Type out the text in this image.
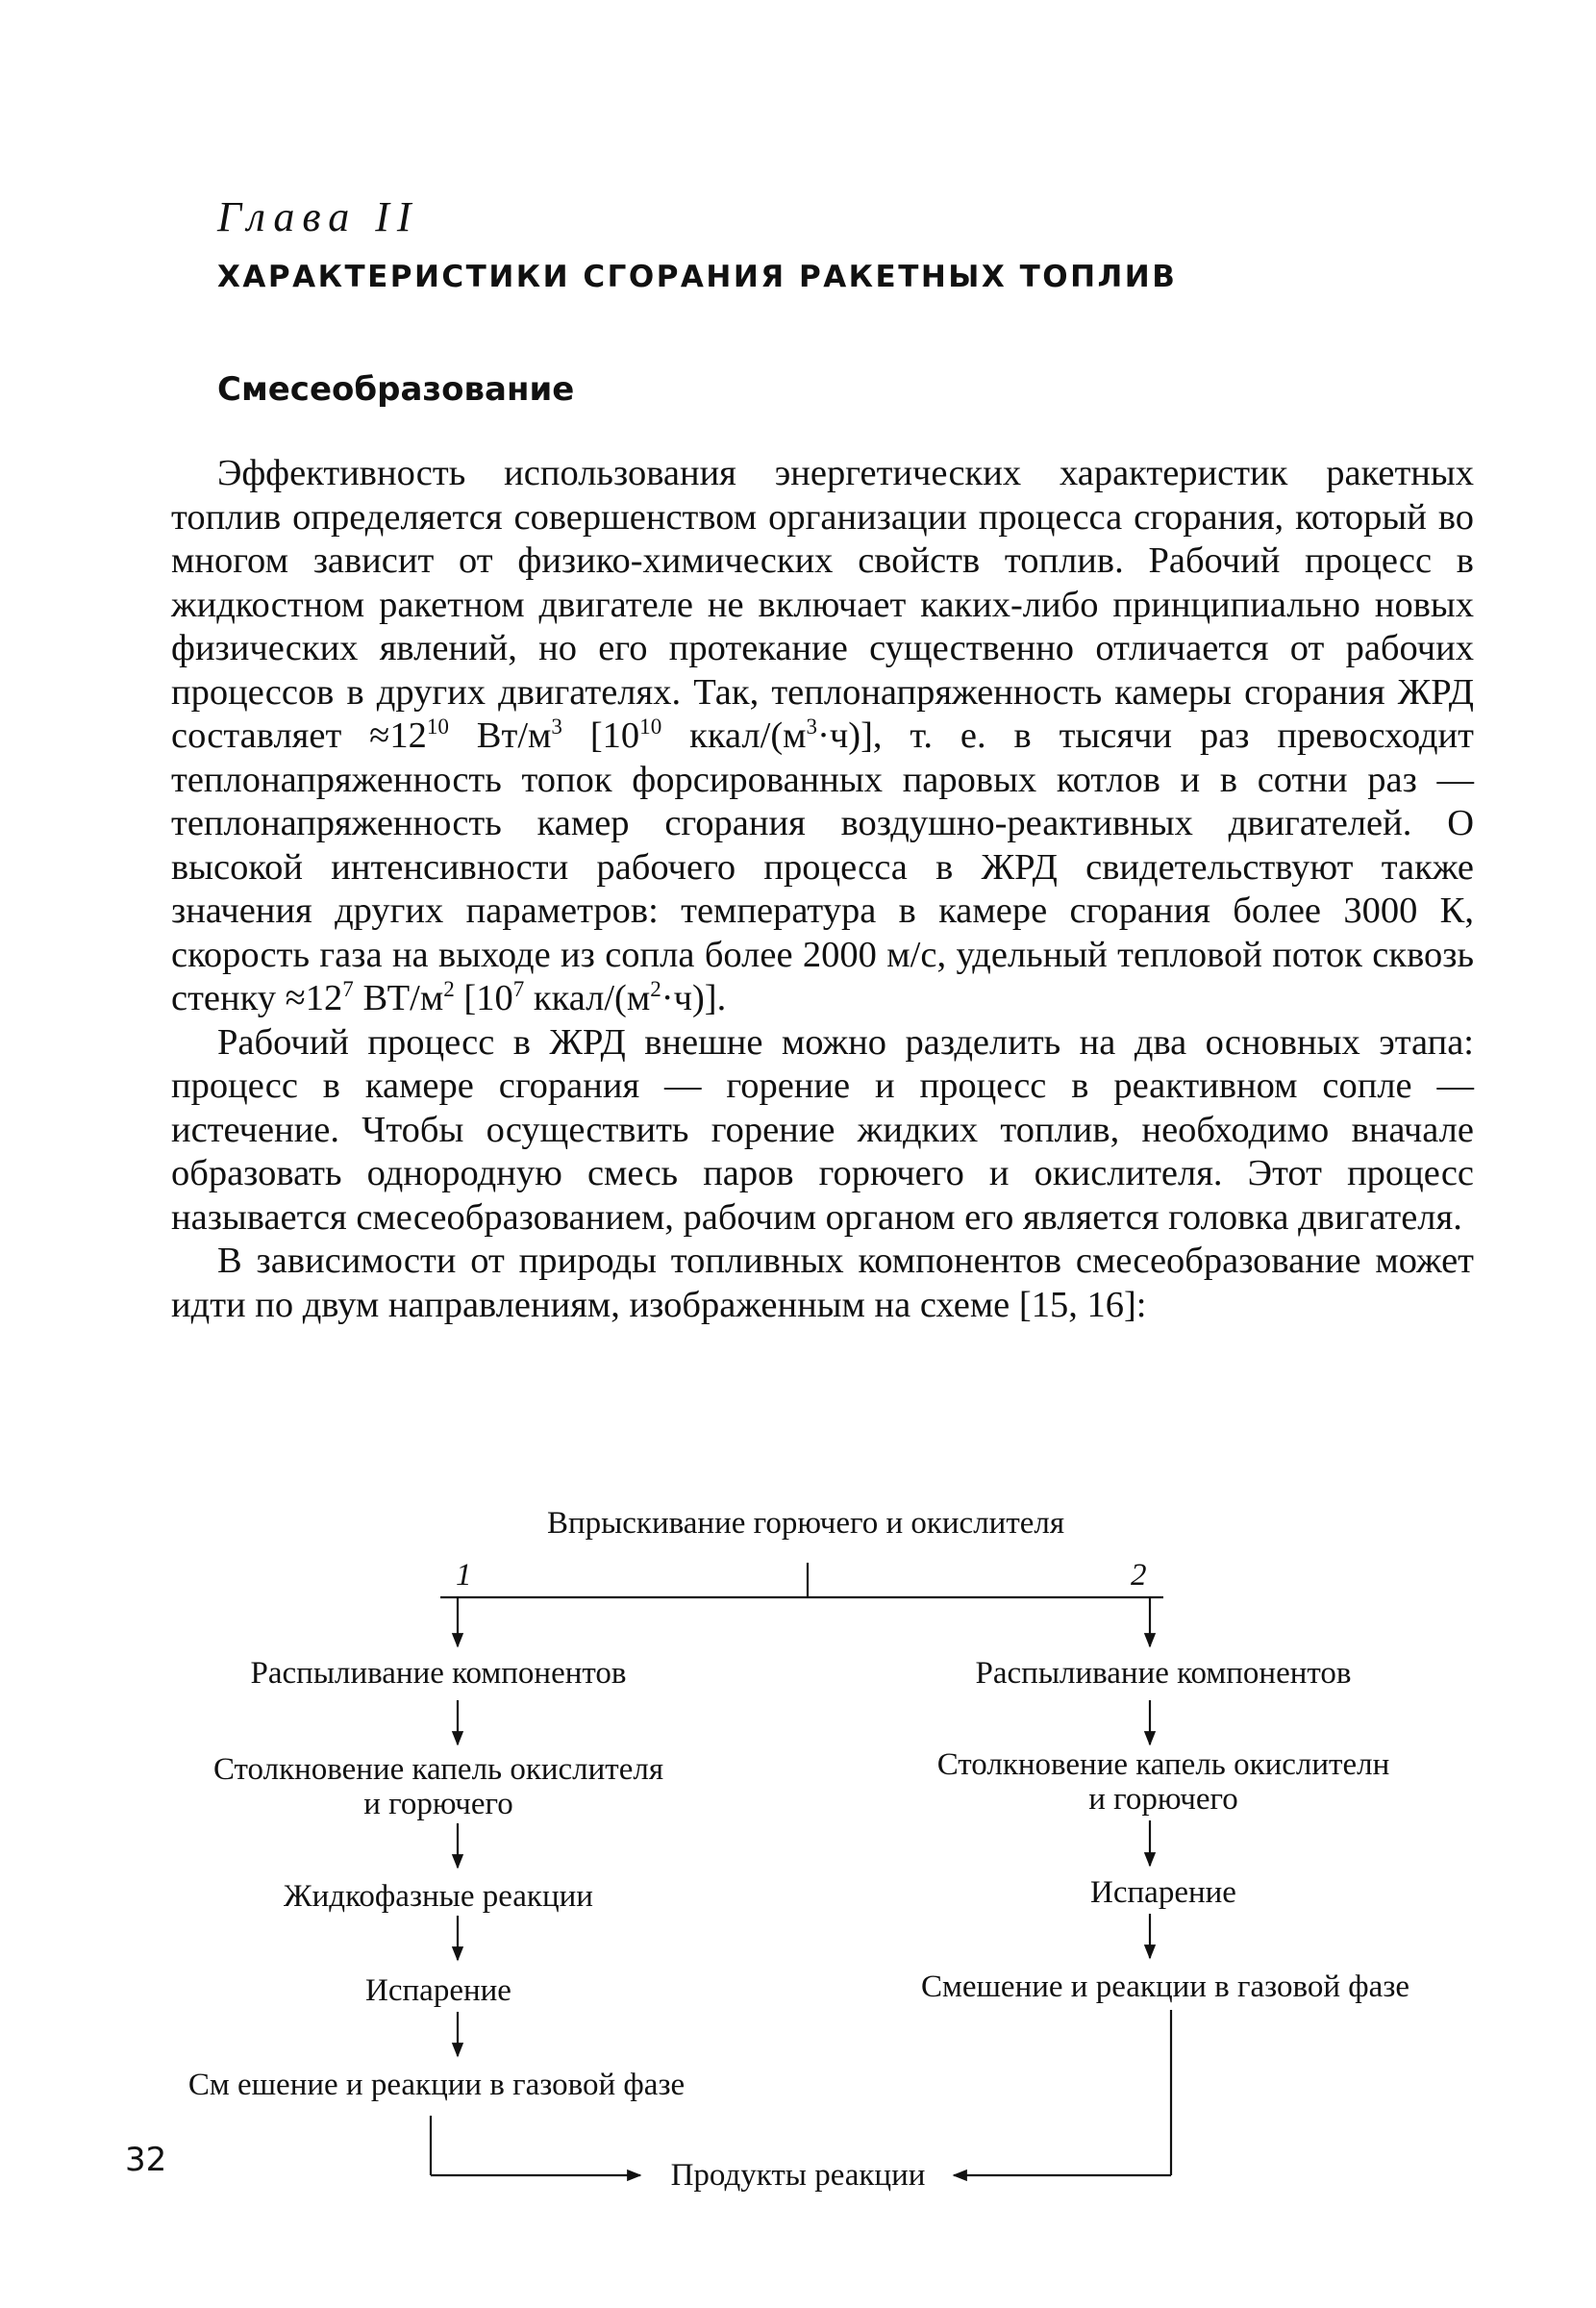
Глава II
ХАРАКТЕРИСТИКИ СГОРАНИЯ РАКЕТНЫХ ТОПЛИВ
Смесеобразование

Эффективность использования энергетических характеристик ракетных топлив определяется совершенством организации процесса сгорания, который во многом зависит от физико-химических свойств топлив. Рабочий процесс в жидкостном ракетном двигателе не включает каких-либо принципиально новых физических явлений, но его протекание существенно отличается от рабочих процессов в других двигателях. Так, теплонапряженность камеры сгорания ЖРД составляет $\approx 12^{10}$ $Вт/м^3$ [$10^{10}$ ккал/$(м^3\cdot ч)$], т. е. в тысячи раз превосходит теплонапряженность топок форсированных паровых котлов и в сотни раз — теплонапряженность камер сгорания воздушно-реактивных двигателей. О высокой интенсивности рабочего процесса в ЖРД свидетельствуют также значения других параметров: температура в камере сгорания более 3000 К, скорость газа на выходе из сопла более 2000 м/с, удельный тепловой поток сквозь стенку $\approx 12^7$ $ВТ/м^2$ [$10^7$ ккал/$(м^2\cdot ч)$].

Рабочий процесс в ЖРД внешне можно разделить на два основных этапа: процесс в камере сгорания — горение и процесс в реактивном сопле — истечение. Чтобы осуществить горение жидких топлив, необходимо вначале образовать однородную смесь паров горючего и окислителя. Этот процесс называется смесеобразованием, рабочим органом его является головка двигателя.

В зависимости от природы топливных компонентов смесеобразование может идти по двум направлениям, изображенным на схеме [15, 16]:

Впрыскивание горючего и окислителя
1	2
Распыливание компонентов
Столкновение капель окислителя
и горючего
Жидкофазные реакции
Испарение
См ешение и реакции в газовой фазе
Распыливание компонентов
Столкновение капель окислителн
и горючего
Испарение
Смешение и реакции в газовой фазе
Продукты реакции
32
